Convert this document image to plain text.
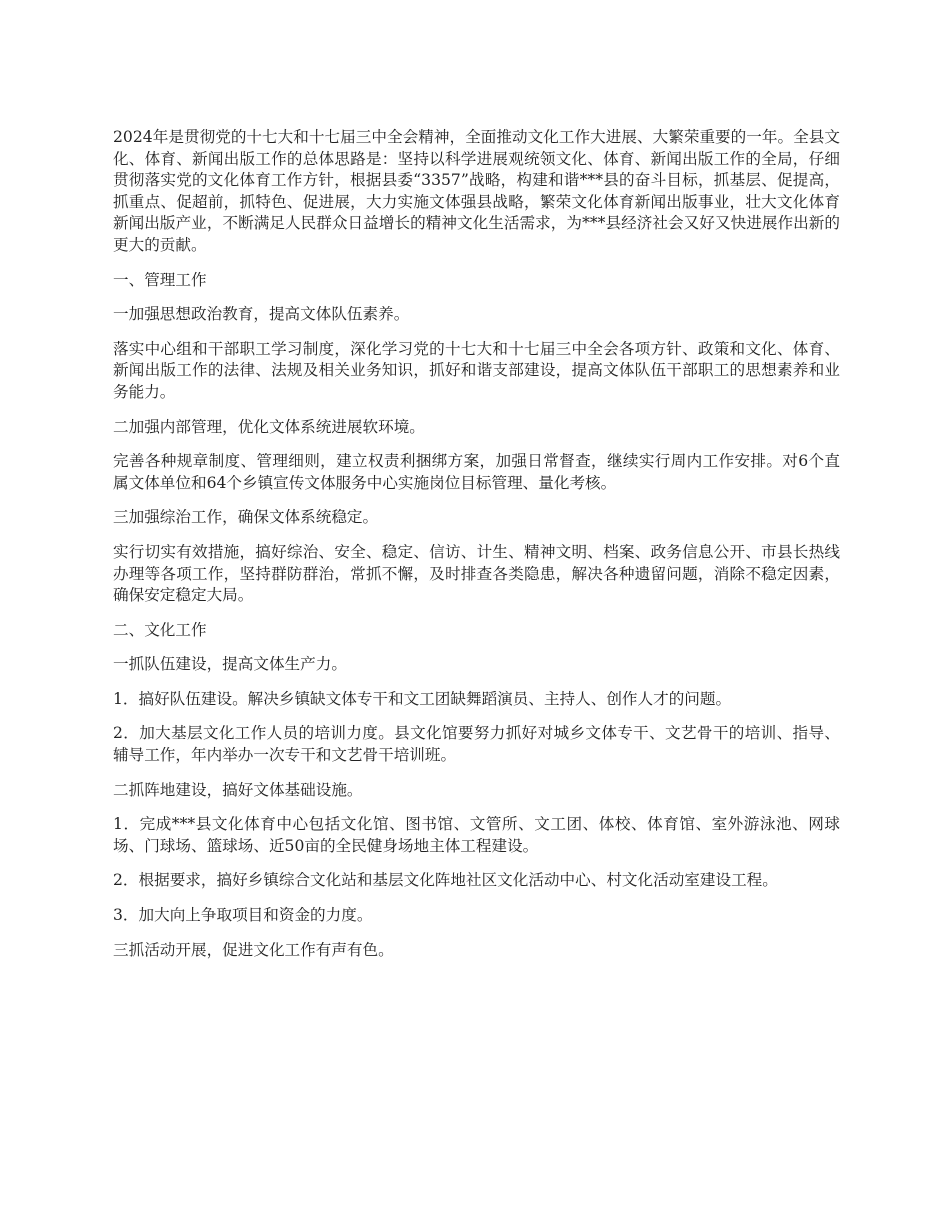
2024年是贯彻党的十七大和十七届三中全会精神，全面推动文化工作大进展、大繁荣重要的一年。全县文化、体育、新闻出版工作的总体思路是：坚持以科学进展观统领文化、体育、新闻出版工作的全局，仔细贯彻落实党的文化体育工作方针，根据县委“3357”战略，构建和谐***县的奋斗目标，抓基层、促提高，抓重点、促超前，抓特色、促进展，大力实施文体强县战略，繁荣文化体育新闻出版事业，壮大文化体育新闻出版产业，不断满足人民群众日益增长的精神文化生活需求，为***县经济社会又好又快进展作出新的更大的贡献。

一、管理工作

一加强思想政治教育，提高文体队伍素养。

落实中心组和干部职工学习制度，深化学习党的十七大和十七届三中全会各项方针、政策和文化、体育、新闻出版工作的法律、法规及相关业务知识，抓好和谐支部建设，提高文体队伍干部职工的思想素养和业务能力。

二加强内部管理，优化文体系统进展软环境。

完善各种规章制度、管理细则，建立权责利捆绑方案，加强日常督查，继续实行周内工作安排。对6个直属文体单位和64个乡镇宣传文体服务中心实施岗位目标管理、量化考核。

三加强综治工作，确保文体系统稳定。

实行切实有效措施，搞好综治、安全、稳定、信访、计生、精神文明、档案、政务信息公开、市县长热线办理等各项工作，坚持群防群治，常抓不懈，及时排查各类隐患，解决各种遗留问题，消除不稳定因素，确保安定稳定大局。

二、文化工作

一抓队伍建设，提高文体生产力。

1．搞好队伍建设。解决乡镇缺文体专干和文工团缺舞蹈演员、主持人、创作人才的问题。

2．加大基层文化工作人员的培训力度。县文化馆要努力抓好对城乡文体专干、文艺骨干的培训、指导、辅导工作，年内举办一次专干和文艺骨干培训班。

二抓阵地建设，搞好文体基础设施。

1．完成***县文化体育中心包括文化馆、图书馆、文管所、文工团、体校、体育馆、室外游泳池、网球场、门球场、篮球场、近50亩的全民健身场地主体工程建设。

2．根据要求，搞好乡镇综合文化站和基层文化阵地社区文化活动中心、村文化活动室建设工程。

3．加大向上争取项目和资金的力度。

三抓活动开展，促进文化工作有声有色。
